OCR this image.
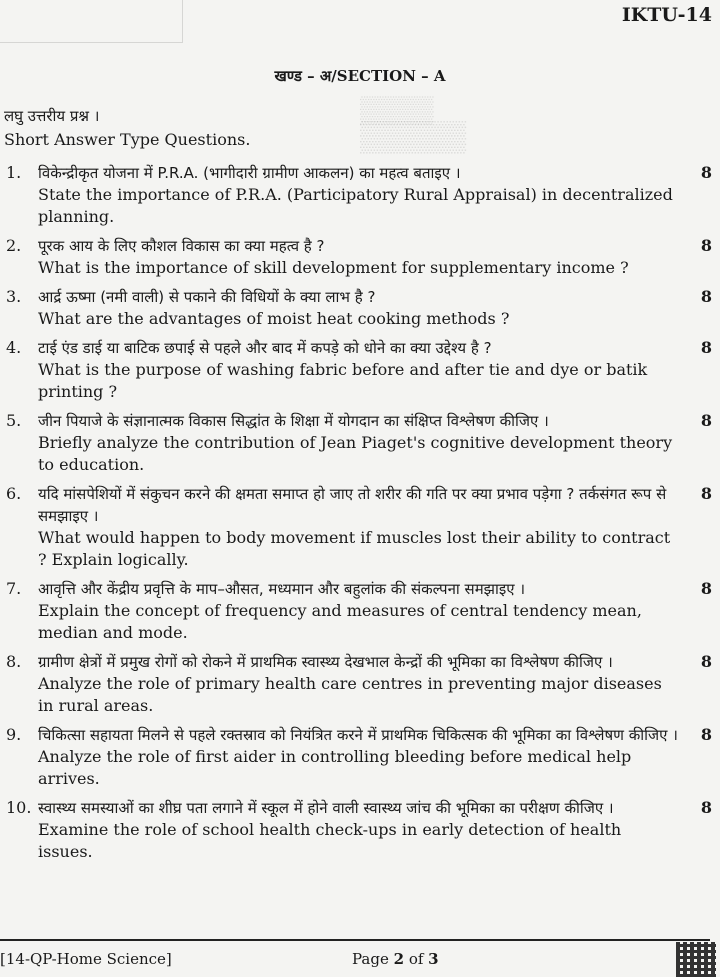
▒▒▒▒
▒▒▒▒▒
IKTU-14
खण्ड – अ/SECTION – A
लघु उत्तरीय प्रश्न ।
Short Answer Type Questions.
1. विकेन्द्रीकृत योजना में P.R.A. (भागीदारी ग्रामीण आकलन) का महत्व बताइए ।
State the importance of P.R.A. (Participatory Rural Appraisal) in decentralized planning.
8
2. पूरक आय के लिए कौशल विकास का क्या महत्व है ?
What is the importance of skill development for supplementary income ?
8
3. आर्द्र ऊष्मा (नमी वाली) से पकाने की विधियों के क्या लाभ है ?
What are the advantages of moist heat cooking methods ?
8
4. टाई एंड डाई या बाटिक छपाई से पहले और बाद में कपड़े को धोने का क्या उद्देश्य है ?
What is the purpose of washing fabric before and after tie and dye or batik printing ?
8
5. जीन पियाजे के संज्ञानात्मक विकास सिद्धांत के शिक्षा में योगदान का संक्षिप्त विश्लेषण कीजिए ।
Briefly analyze the contribution of Jean Piaget's cognitive development theory to education.
8
6. यदि मांसपेशियों में संकुचन करने की क्षमता समाप्त हो जाए तो शरीर की गति पर क्या प्रभाव पड़ेगा ? तर्कसंगत रूप से समझाइए ।
What would happen to body movement if muscles lost their ability to contract ? Explain logically.
8
7. आवृत्ति और केंद्रीय प्रवृत्ति के माप–औसत, मध्यमान और बहुलांक की संकल्पना समझाइए ।
Explain the concept of frequency and measures of central tendency mean, median and mode.
8
8. ग्रामीण क्षेत्रों में प्रमुख रोगों को रोकने में प्राथमिक स्वास्थ्य देखभाल केन्द्रों की भूमिका का विश्लेषण कीजिए ।
Analyze the role of primary health care centres in preventing major diseases in rural areas.
8
9. चिकित्सा सहायता मिलने से पहले रक्तस्राव को नियंत्रित करने में प्राथमिक चिकित्सक की भूमिका का विश्लेषण कीजिए ।
Analyze the role of first aider in controlling bleeding before medical help arrives.
8
10. स्वास्थ्य समस्याओं का शीघ्र पता लगाने में स्कूल में होने वाली स्वास्थ्य जांच की भूमिका का परीक्षण कीजिए ।
Examine the role of school health check-ups in early detection of health issues.
8
[14-QP-Home Science]	Page 2 of 3
